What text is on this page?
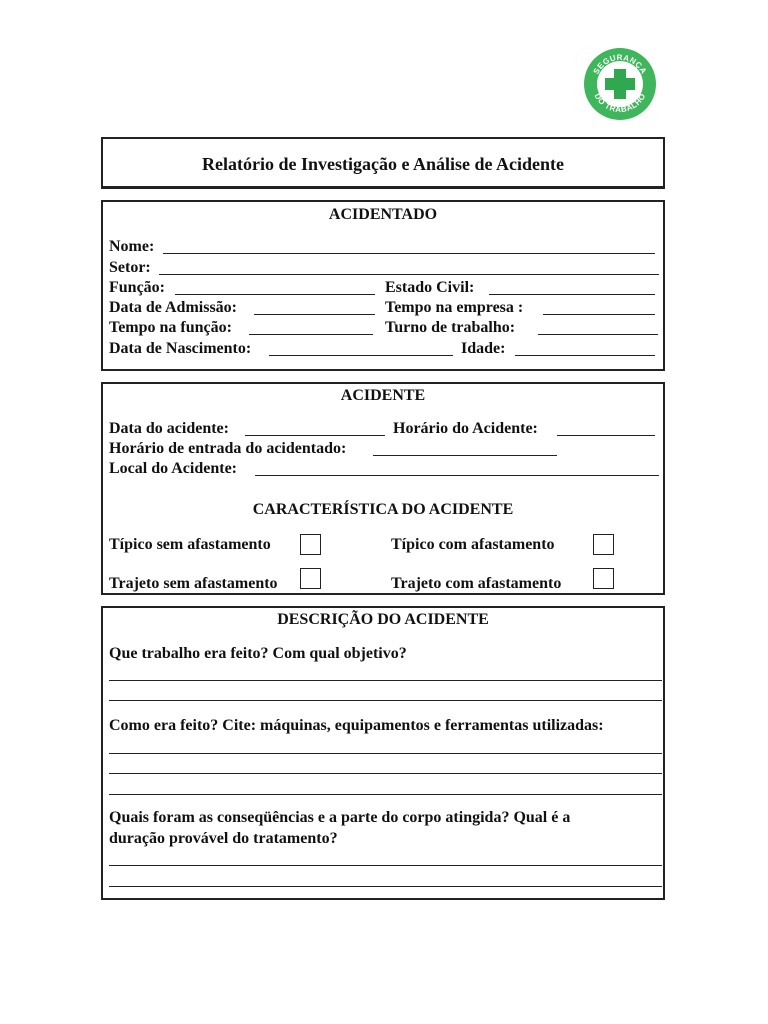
SEGURANÇA
DO TRABALHO
Relatório de Investigação e Análise de Acidente
ACIDENTADO
Nome:
Setor:
Função:	Estado Civil:
Data de Admissão:	Tempo na empresa :
Tempo na função:	Turno de trabalho:
Data de Nascimento:	Idade:
ACIDENTE
Data do acidente:	Horário do Acidente:
Horário de entrada do acidentado:
Local do Acidente:
CARACTERÍSTICA DO ACIDENTE
Típico sem afastamento	Típico com afastamento
Trajeto sem afastamento	Trajeto com afastamento
DESCRIÇÃO DO ACIDENTE
Que trabalho era feito? Com qual objetivo?
Como era feito? Cite: máquinas, equipamentos e ferramentas utilizadas:
Quais foram as conseqüências e a parte do corpo atingida? Qual é a
duração provável do tratamento?
